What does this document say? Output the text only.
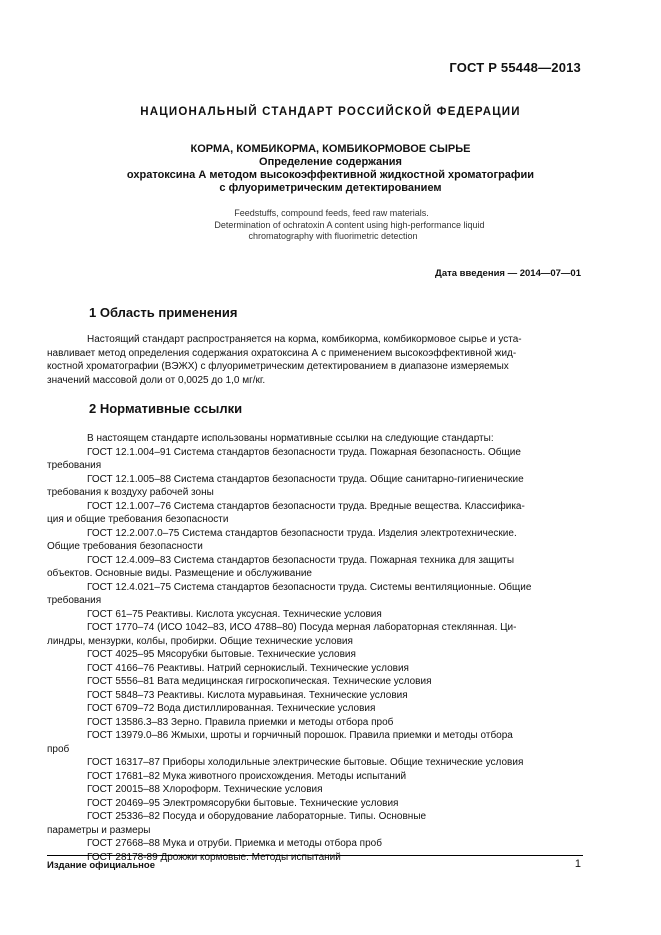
ГОСТ Р 55448—2013
НАЦИОНАЛЬНЫЙ СТАНДАРТ РОССИЙСКОЙ ФЕДЕРАЦИИ
КОРМА, КОМБИКОРМА, КОМБИКОРМОВОЕ СЫРЬЕ
Определение содержания
охратоксина А методом высокоэффективной жидкостной хроматографии
с флуориметрическим детектированием
Feedstuffs, compound feeds, feed raw materials.
Determination of ochratoxin A content using high-performance liquid
chromatography with fluorimetric detection
Дата введения — 2014—07—01
1 Область применения
Настоящий стандарт распространяется на корма, комбикорма, комбикормовое сырье и уста-
навливает метод определения содержания охратоксина А с применением высокоэффективной жид-
костной хроматографии (ВЭЖХ) с флуориметрическим детектированием в диапазоне измеряемых
значений массовой доли от 0,0025 до 1,0 мг/кг.
2 Нормативные ссылки
В настоящем стандарте использованы нормативные ссылки на следующие стандарты:
ГОСТ 12.1.004–91 Система стандартов безопасности труда. Пожарная безопасность. Общие
требования
ГОСТ 12.1.005–88 Система стандартов безопасности труда. Общие санитарно-гигиенические
требования к воздуху рабочей зоны
ГОСТ 12.1.007–76 Система стандартов безопасности труда. Вредные вещества. Классифика-
ция и общие требования безопасности
ГОСТ 12.2.007.0–75 Система стандартов безопасности труда. Изделия электротехнические.
Общие требования безопасности
ГОСТ 12.4.009–83 Система стандартов безопасности труда. Пожарная техника для защиты
объектов. Основные виды. Размещение и обслуживание
ГОСТ 12.4.021–75 Система стандартов безопасности труда. Системы вентиляционные. Общие
требования
ГОСТ 61–75 Реактивы. Кислота уксусная. Технические условия
ГОСТ 1770–74 (ИСО 1042–83, ИСО 4788–80) Посуда мерная лабораторная стеклянная. Ци-
линдры, мензурки, колбы, пробирки. Общие технические условия
ГОСТ 4025–95 Мясорубки бытовые. Технические условия
ГОСТ 4166–76 Реактивы. Натрий сернокислый. Технические условия
ГОСТ 5556–81 Вата медицинская гигроскопическая. Технические условия
ГОСТ 5848–73 Реактивы. Кислота муравьиная. Технические условия
ГОСТ 6709–72 Вода дистиллированная. Технические условия
ГОСТ 13586.3–83 Зерно. Правила приемки и методы отбора проб
ГОСТ 13979.0–86 Жмыхи, шроты и горчичный порошок. Правила приемки и методы отбора
проб
ГОСТ 16317–87 Приборы холодильные электрические бытовые. Общие технические условия
ГОСТ 17681–82 Мука животного происхождения. Методы испытаний
ГОСТ 20015–88 Хлороформ. Технические условия
ГОСТ 20469–95 Электромясорубки бытовые. Технические условия
ГОСТ 25336–82 Посуда и оборудование лабораторные. Типы. Основные
параметры и размеры
ГОСТ 27668–88 Мука и отруби. Приемка и методы отбора проб
ГОСТ 28178-89 Дрожжи кормовые. Методы испытаний
Издание официальное	1
